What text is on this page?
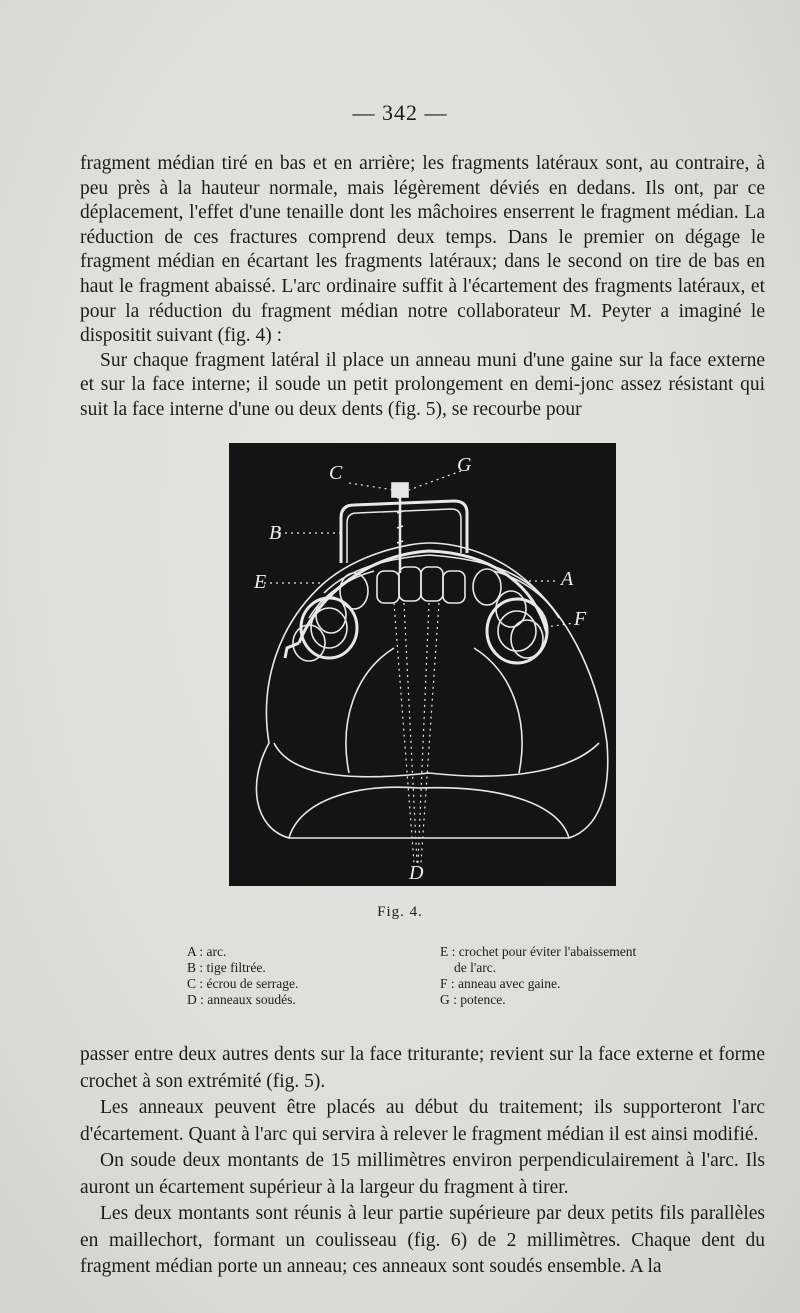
— 342 —

fragment médian tiré en bas et en arrière; les fragments latéraux sont, au contraire, à peu près à la hauteur normale, mais légèrement déviés en dedans. Ils ont, par ce déplacement, l'effet d'une tenaille dont les mâchoires enserrent le fragment médian. La réduction de ces fractures comprend deux temps. Dans le premier on dégage le fragment médian en écartant les fragments latéraux; dans le second on tire de bas en haut le fragment abaissé. L'arc ordinaire suffit à l'écartement des fragments latéraux, et pour la réduction du fragment médian notre collaborateur M. Peyter a imaginé le dispositit suivant (fig. 4) :

Sur chaque fragment latéral il place un anneau muni d'une gaine sur la face externe et sur la face interne; il soude un petit prolongement en demi-jonc assez résistant qui suit la face interne d'une ou deux dents (fig. 5), se recourbe pour

C	G
B
E	A
F
D
Fig. 4.
A : arc.
B : tige filtrée.
C : écrou de serrage.
D : anneaux soudés.
E : crochet pour éviter l'abaissement
de l'arc.
F : anneau avec gaine.
G : potence.

passer entre deux autres dents sur la face triturante; revient sur la face externe et forme crochet à son extrémité (fig. 5).

Les anneaux peuvent être placés au début du traitement; ils supporteront l'arc d'écartement. Quant à l'arc qui servira à relever le fragment médian il est ainsi modifié.

On soude deux montants de 15 millimètres environ perpendiculairement à l'arc. Ils auront un écartement supérieur à la largeur du fragment à tirer.

Les deux montants sont réunis à leur partie supérieure par deux petits fils parallèles en maillechort, formant un coulisseau (fig. 6) de 2 millimètres. Chaque dent du fragment médian porte un anneau; ces anneaux sont soudés ensemble. A la
